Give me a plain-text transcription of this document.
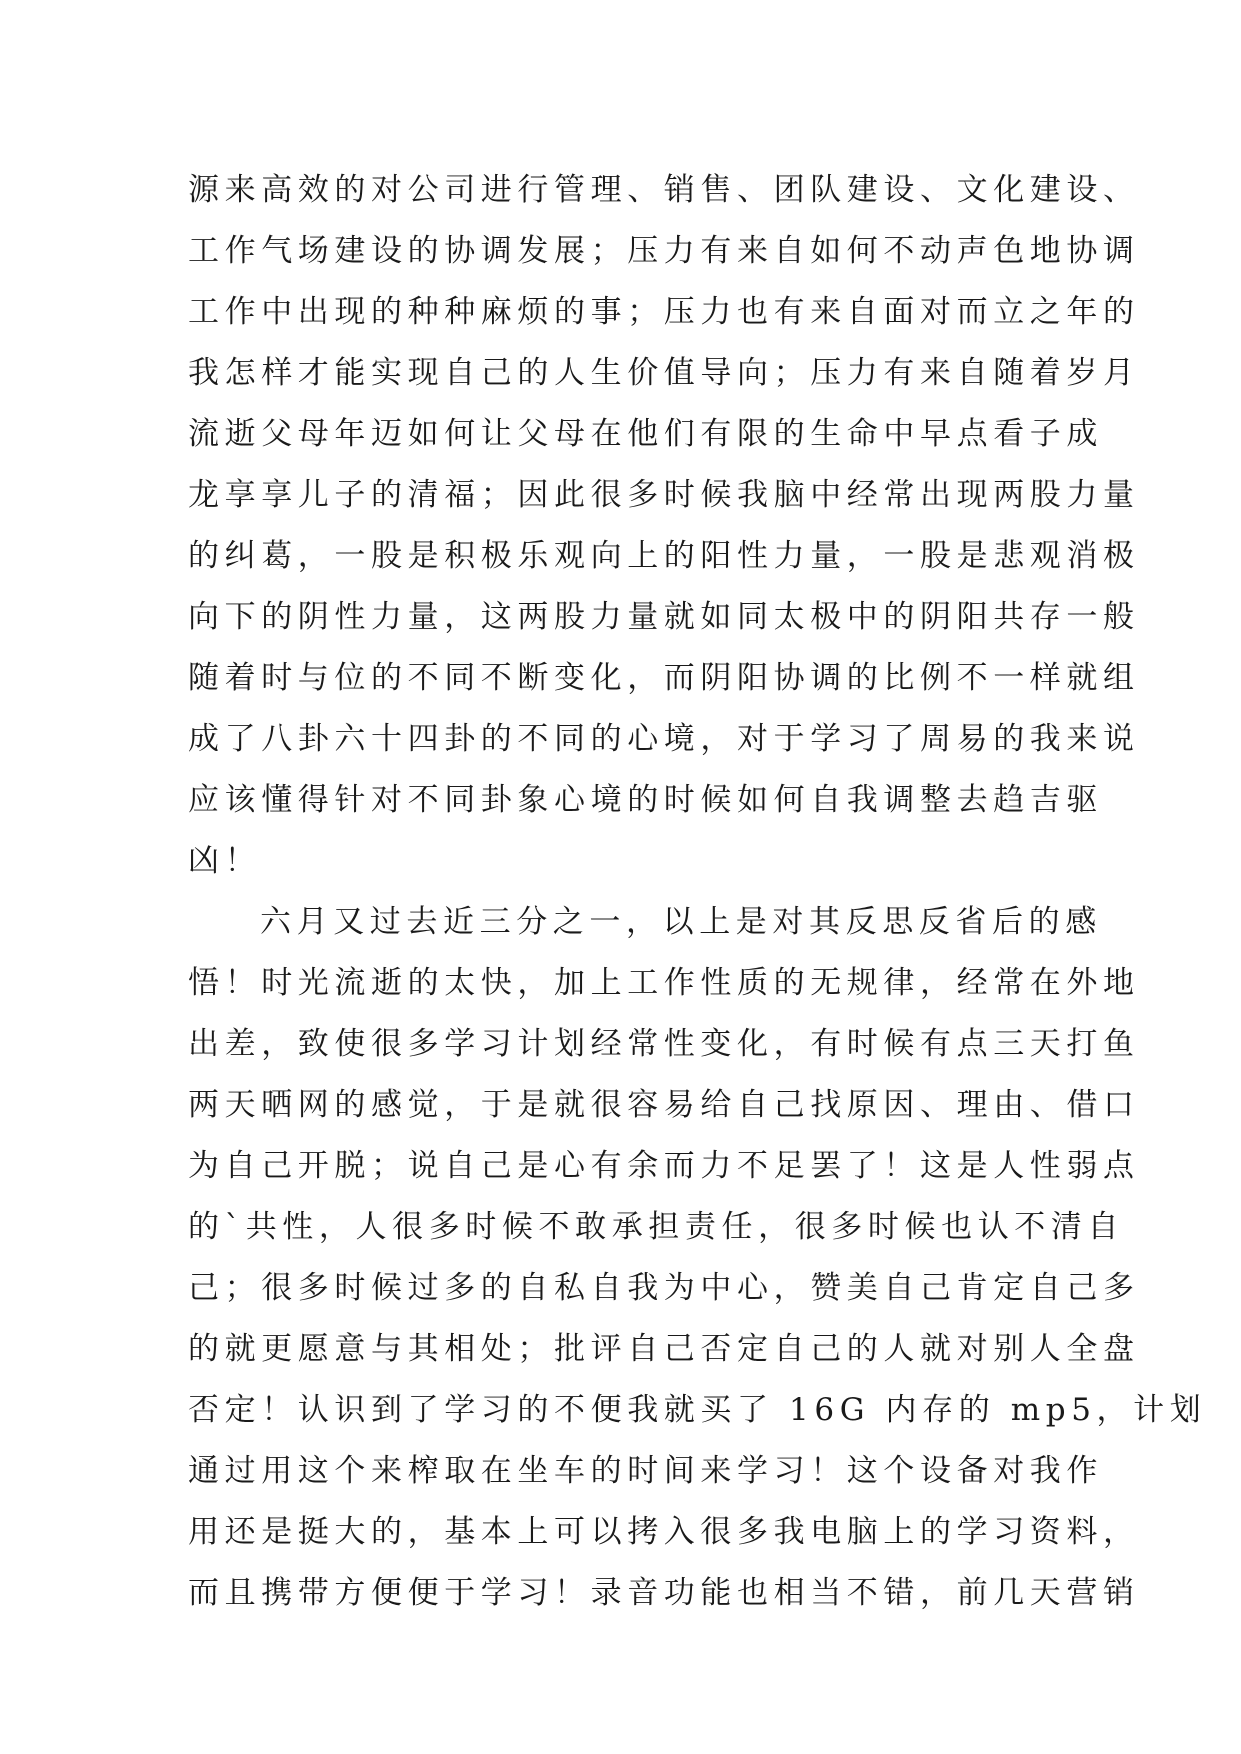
源来高效的对公司进行管理、销售、团队建设、文化建设、
工作气场建设的协调发展；压力有来自如何不动声色地协调
工作中出现的种种麻烦的事；压力也有来自面对而立之年的
我怎样才能实现自己的人生价值导向；压力有来自随着岁月
流逝父母年迈如何让父母在他们有限的生命中早点看子成
龙享享儿子的清福；因此很多时候我脑中经常出现两股力量
的纠葛，一股是积极乐观向上的阳性力量，一股是悲观消极
向下的阴性力量，这两股力量就如同太极中的阴阳共存一般
随着时与位的不同不断变化，而阴阳协调的比例不一样就组
成了八卦六十四卦的不同的心境，对于学习了周易的我来说
应该懂得针对不同卦象心境的时候如何自我调整去趋吉驱
凶！
六月又过去近三分之一，以上是对其反思反省后的感
悟！时光流逝的太快，加上工作性质的无规律，经常在外地
出差，致使很多学习计划经常性变化，有时候有点三天打鱼
两天晒网的感觉，于是就很容易给自己找原因、理由、借口
为自己开脱；说自己是心有余而力不足罢了！这是人性弱点
的`共性，人很多时候不敢承担责任，很多时候也认不清自
己；很多时候过多的自私自我为中心，赞美自己肯定自己多
的就更愿意与其相处；批评自己否定自己的人就对别人全盘
否定！认识到了学习的不便我就买了 16G 内存的 mp5，计划
通过用这个来榨取在坐车的时间来学习！这个设备对我作
用还是挺大的，基本上可以拷入很多我电脑上的学习资料，
而且携带方便便于学习！录音功能也相当不错，前几天营销
